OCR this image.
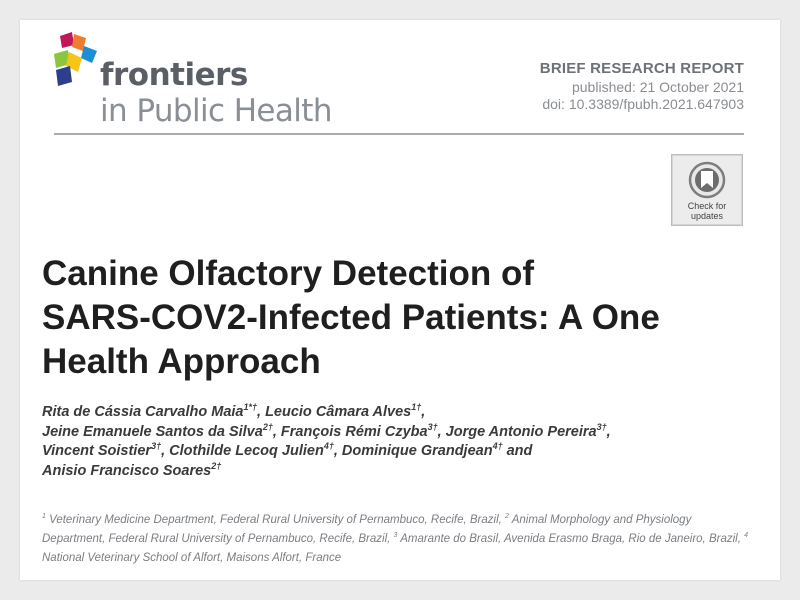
frontiers
in Public Health
BRIEF RESEARCH REPORT
published: 21 October 2021
doi: 10.3389/fpubh.2021.647903
Check for
updates
Canine Olfactory Detection of
SARS-COV2-Infected Patients: A One
Health Approach
Rita de Cássia Carvalho Maia$^{1*\dagger}$, Leucio Câmara Alves$^{1\dagger}$,
Jeine Emanuele Santos da Silva$^{2\dagger}$, François Rémi Czyba$^{3\dagger}$, Jorge Antonio Pereira$^{3\dagger}$,
Vincent Soistier$^{3\dagger}$, Clothilde Lecoq Julien$^{4\dagger}$, Dominique Grandjean$^{4\dagger}$ and
Anisio Francisco Soares$^{2\dagger}$
$^1$ Veterinary Medicine Department, Federal Rural University of Pernambuco, Recife, Brazil, $^2$ Animal Morphology and Physiology Department, Federal Rural University of Pernambuco, Recife, Brazil, $^3$ Amarante do Brasil, Avenida Erasmo Braga, Rio de Janeiro, Brazil, $^4$ National Veterinary School of Alfort, Maisons Alfort, France
